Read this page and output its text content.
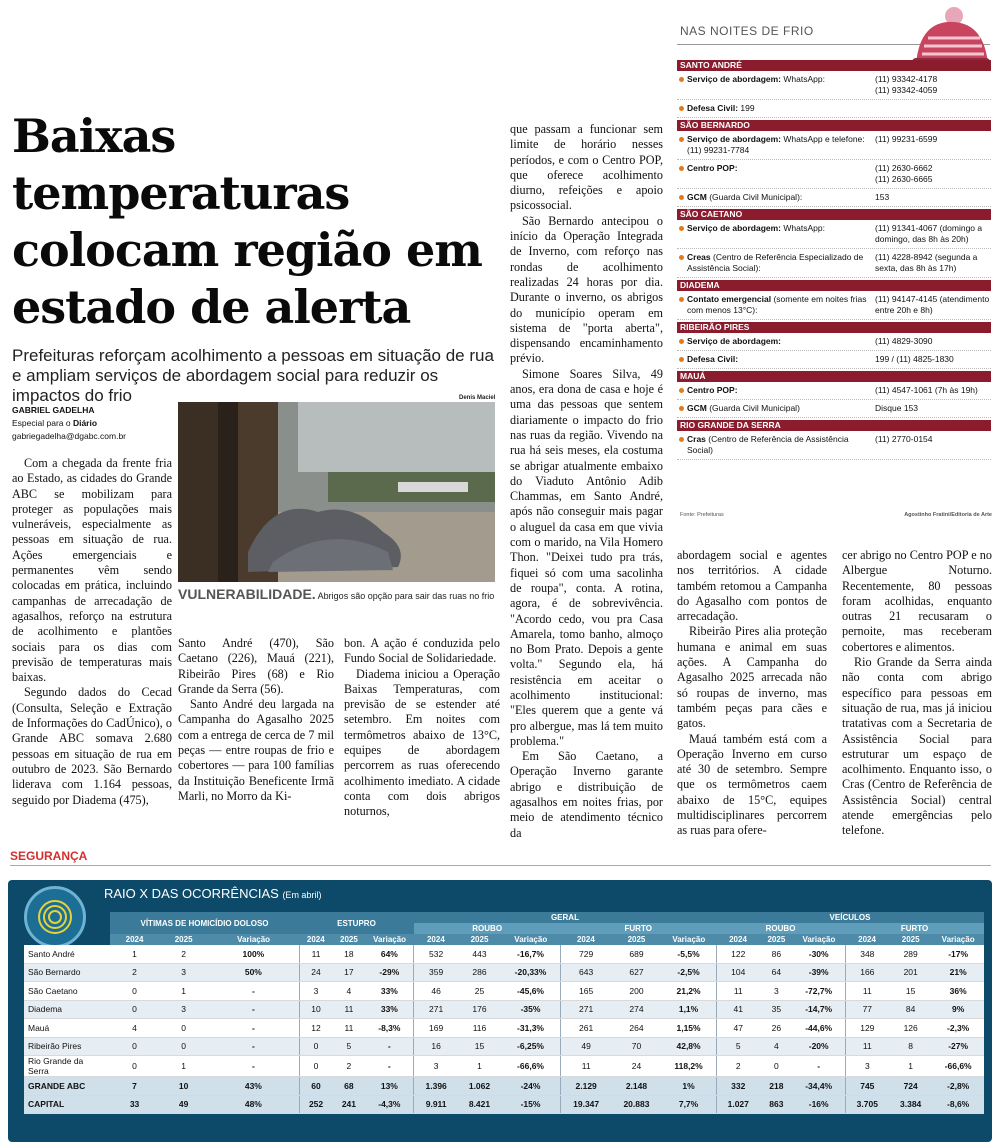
Baixas temperaturas colocam região em estado de alerta
Prefeituras reforçam acolhimento a pessoas em situação de rua e ampliam serviços de abordagem social para reduzir os impactos do frio
GABRIEL GADELHA
Especial para o Diário
gabriegadelha@dgabc.com.br

Com a chegada da frente fria ao Estado, as cidades do Grande ABC se mobilizam para proteger as populações mais vulneráveis, especialmente as pessoas em situação de rua. Ações emergenciais e permanentes vêm sendo colocadas em prática, incluindo campanhas de arrecadação de agasalhos, reforço na estrutura de acolhimento e plantões sociais para os dias com previsão de temperaturas mais baixas.

Segundo dados do Cecad (Consulta, Seleção e Extração de Informações do CadÚnico), o Grande ABC somava 2.680 pessoas em situação de rua em outubro de 2023. São Bernardo liderava com 1.164 pessoas, seguido por Diadema (475),

Denis Maciel
VULNERABILIDADE. Abrigos são opção para sair das ruas no frio

Santo André (470), São Caetano (226), Mauá (221), Ribeirão Pires (68) e Rio Grande da Serra (56).

Santo André deu largada na Campanha do Agasalho 2025 com a entrega de cerca de 7 mil peças — entre roupas de frio e cobertores — para 100 famílias da Instituição Beneficente Irmã Marli, no Morro da Ki-

bon. A ação é conduzida pelo Fundo Social de Solidariedade.

Diadema iniciou a Operação Baixas Temperaturas, com previsão de se estender até setembro. Em noites com termômetros abaixo de 13°C, equipes de abordagem percorrem as ruas oferecendo acolhimento imediato. A cidade conta com dois abrigos noturnos,

que passam a funcionar sem limite de horário nesses períodos, e com o Centro POP, que oferece acolhimento diurno, refeições e apoio psicossocial.

São Bernardo antecipou o início da Operação Integrada de Inverno, com reforço nas rondas de acolhimento realizadas 24 horas por dia. Durante o inverno, os abrigos do município operam em sistema de "porta aberta", dispensando encaminhamento prévio.

Simone Soares Silva, 49 anos, era dona de casa e hoje é uma das pessoas que sentem diariamente o impacto do frio nas ruas da região. Vivendo na rua há seis meses, ela costuma se abrigar atualmente embaixo do Viaduto Antônio Adib Chammas, em Santo André, após não conseguir mais pagar o aluguel da casa em que vivia com o marido, na Vila Homero Thon. "Deixei tudo pra trás, fiquei só com uma sacolinha de roupa", conta. A rotina, agora, é de sobrevivência. "Acordo cedo, vou pra Casa Amarela, tomo banho, almoço no Bom Prato. Depois a gente volta." Segundo ela, há resistência em aceitar o acolhimento institucional: "Eles querem que a gente vá pro albergue, mas lá tem muito problema."

Em São Caetano, a Operação Inverno garante abrigo e distribuição de agasalhos em noites frias, por meio de atendimento técnico da

abordagem social e agentes nos territórios. A cidade também retomou a Campanha do Agasalho com pontos de arrecadação.

Ribeirão Pires alia proteção humana e animal em suas ações. A Campanha do Agasalho 2025 arrecada não só roupas de inverno, mas também peças para cães e gatos.

Mauá também está com a Operação Inverno em curso até 30 de setembro. Sempre que os termômetros caem abaixo de 15°C, equipes multidisciplinares percorrem as ruas para ofere-

cer abrigo no Centro POP e no Albergue Noturno. Recentemente, 80 pessoas foram acolhidas, enquanto outras 21 recusaram o pernoite, mas receberam cobertores e alimentos.

Rio Grande da Serra ainda não conta com abrigo específico para pessoas em situação de rua, mas já iniciou tratativas com a Secretaria de Assistência Social para estruturar um espaço de acolhimento. Enquanto isso, o Cras (Centro de Referência de Assistência Social) central atende emergências pelo telefone.

NAS NOITES DE FRIO
SANTO ANDRÉ
Serviço de abordagem: WhatsApp:	(11) 93342-4178
(11) 93342-4059
Defesa Civil: 199
SÃO BERNARDO
Serviço de abordagem: WhatsApp e telefone: (11) 99231-7784
(11) 99231-6599
Centro POP:	(11) 2630-6662
(11) 2630-6665
GCM (Guarda Civil Municipal):	153
SÃO CAETANO
Serviço de abordagem: WhatsApp:	(11) 91341-4067 (domingo a domingo, das 8h às 20h)
Creas (Centro de Referência Especializado de Assistência Social):
(11) 4228-8942 (segunda a sexta, das 8h às 17h)
DIADEMA
Contato emergencial (somente em noites frias com menos 13°C):
(11) 94147-4145 (atendimento entre 20h e 8h)
RIBEIRÃO PIRES
Serviço de abordagem:	(11) 4829-3090
Defesa Civil:	199 / (11) 4825-1830
MAUÁ
Centro POP:	(11) 4547-1061 (7h às 19h)
GCM (Guarda Civil Municipal)	Disque 153
RIO GRANDE DA SERRA
Cras (Centro de Referência de Assistência Social)
(11) 2770-0154
Fonte: Prefeituras	Agostinho Fratini/Editoria de Arte
SEGURANÇA
RAIO X DAS OCORRÊNCIAS (Em abril)
	VÍTIMAS DE HOMICÍDIO DOLOSO			ESTUPRO			GERAL						VEÍCULOS					
							ROUBO			FURTO			ROUBO			FURTO		
	2024	2025	Variação	2024	2025	Variação	2024	2025	Variação	2024	2025	Variação	2024	2025	Variação	2024	2025	Variação
Santo André	1	2	100%	11	18	64%	532	443	-16,7%	729	689	-5,5%	122	86	-30%	348	289	-17%
São Bernardo	2	3	50%	24	17	-29%	359	286	-20,33%	643	627	-2,5%	104	64	-39%	166	201	21%
São Caetano	0	1	-	3	4	33%	46	25	-45,6%	165	200	21,2%	11	3	-72,7%	11	15	36%
Diadema	0	3	-	10	11	33%	271	176	-35%	271	274	1,1%	41	35	-14,7%	77	84	9%
Mauá	4	0	-	12	11	-8,3%	169	116	-31,3%	261	264	1,15%	47	26	-44,6%	129	126	-2,3%
Ribeirão Pires	0	0	-	0	5	-	16	15	-6,25%	49	70	42,8%	5	4	-20%	11	8	-27%
Rio Grande da Serra	0	1	-	0	2	-	3	1	-66,6%	11	24	118,2%	2	0	-	3	1	-66,6%
GRANDE ABC	7	10	43%	60	68	13%	1.396	1.062	-24%	2.129	2.148	1%	332	218	-34,4%	745	724	-2,8%
CAPITAL	33	49	48%	252	241	-4,3%	9.911	8.421	-15%	19.347	20.883	7,7%	1.027	863	-16%	3.705	3.384	-8,6%
